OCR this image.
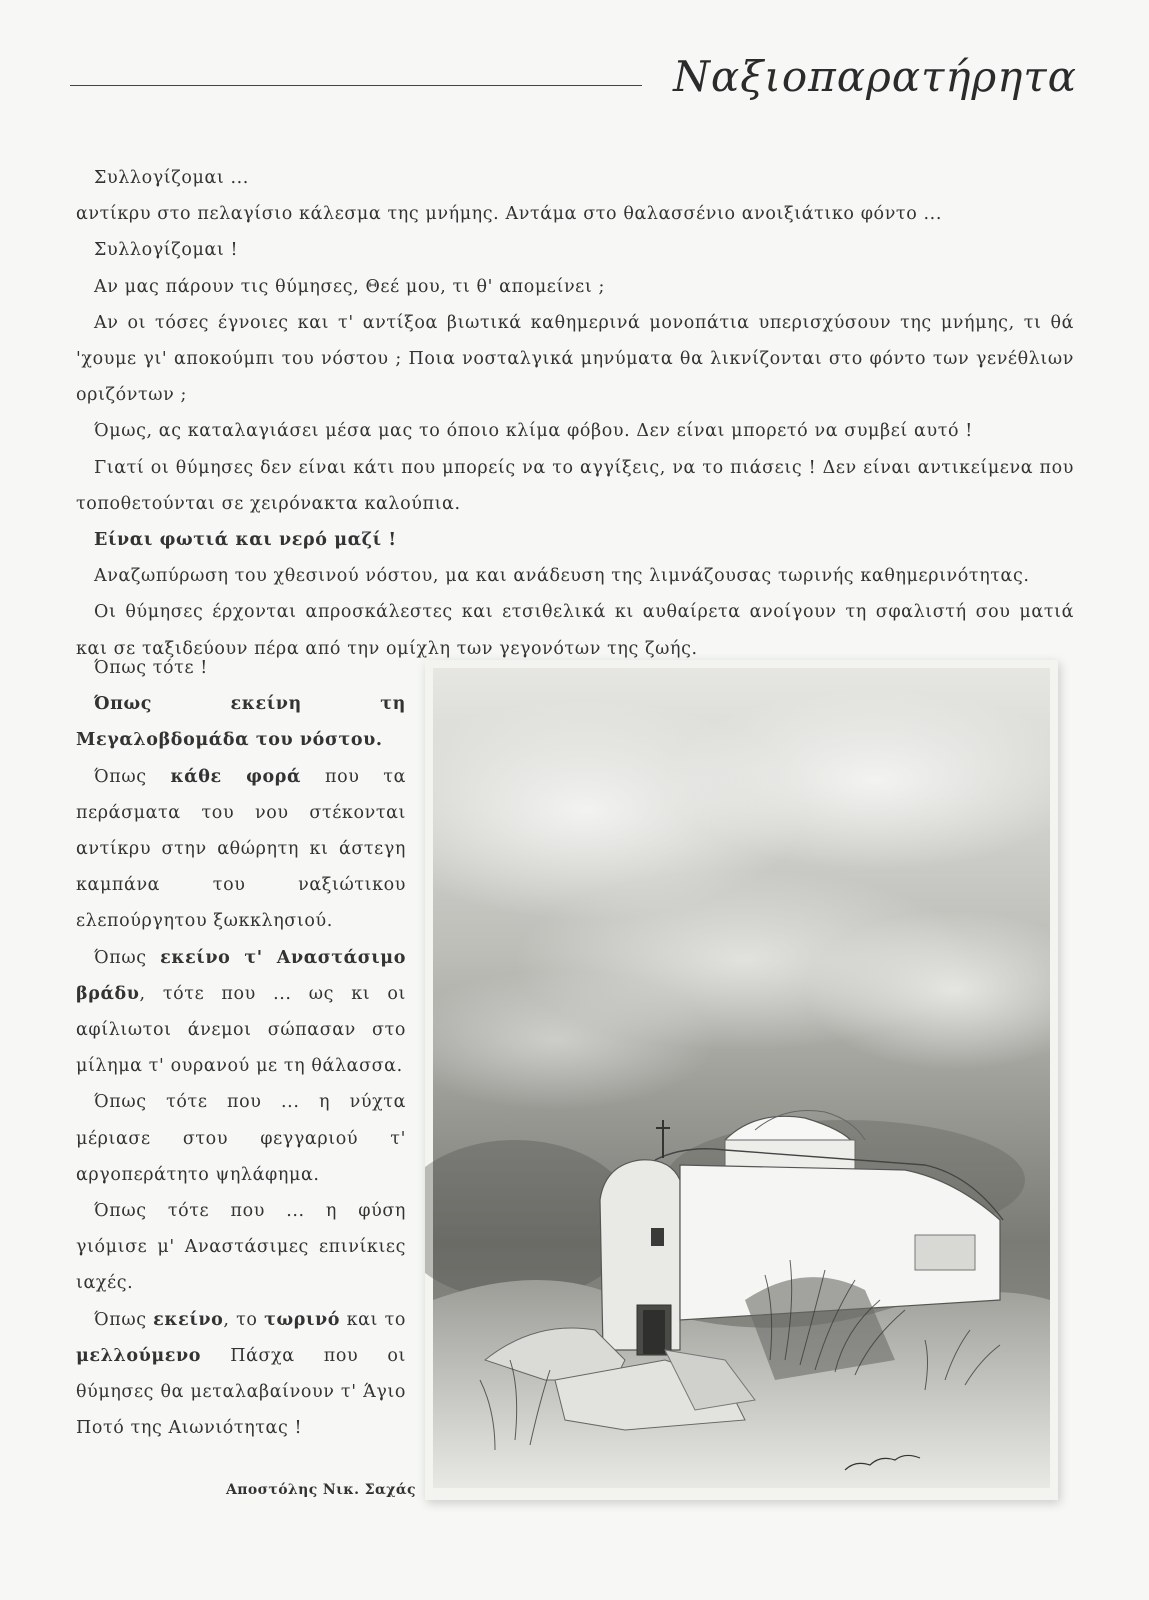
Ναξιοπαρατήρητα

Συλλογίζομαι ...

αντίκρυ στο πελαγίσιο κάλεσμα της μνήμης. Αντάμα στο θαλασσένιο ανοιξιάτικο φόντο ...

Συλλογίζομαι !

Αν μας πάρουν τις θύμησες, Θεέ μου, τι θ' απομείνει ;

Αν οι τόσες έγνοιες και τ' αντίξοα βιωτικά καθημερινά μονοπάτια υπερισχύσουν της μνήμης, τι θά 'χουμε γι' αποκούμπι του νόστου ; Ποια νοσταλγικά μηνύματα θα λικνίζονται στο φόντο των γενέθλιων οριζόντων ;

Όμως, ας καταλαγιάσει μέσα μας το όποιο κλίμα φόβου. Δεν είναι μπορετό να συμβεί αυτό !

Γιατί οι θύμησες δεν είναι κάτι που μπορείς να το αγγίξεις, να το πιάσεις ! Δεν είναι αντικείμενα που τοποθετούνται σε χειρόνακτα καλούπια.

Είναι φωτιά και νερό μαζί !

Αναζωπύρωση του χθεσινού νόστου, μα και ανάδευση της λιμνάζουσας τωρινής καθημερινότητας.

Οι θύμησες έρχονται απροσκάλεστες και ετσιθελικά κι αυθαίρετα ανοίγουν τη σφαλιστή σου ματιά και σε ταξιδεύουν πέρα από την ομίχλη των γεγονότων της ζωής.

Όπως τότε !

Όπως εκείνη τη Μεγαλοβδομάδα του νόστου.

Όπως κάθε φορά που τα περάσματα του νου στέκονται αντίκρυ στην αθώρητη κι άστεγη καμπάνα του ναξιώτικου ελεπούργητου ξωκκλησιού.

Όπως εκείνο τ' Αναστάσιμο βράδυ, τότε που ... ως κι οι αφίλιωτοι άνεμοι σώπασαν στο μίλημα τ' ουρανού με τη θάλασσα.

Όπως τότε που ... η νύχτα μέριασε στου φεγγαριού τ' αργοπεράτητο ψηλάφημα.

Όπως τότε που ... η φύση γιόμισε μ' Αναστάσιμες επινίκιες ιαχές.

Όπως εκείνο, το τωρινό και το μελλούμενο Πάσχα που οι θύμησες θα μεταλαβαίνουν τ' Άγιο Ποτό της Αιωνιότητας !

Αποστόλης Νικ. Σαχάς
